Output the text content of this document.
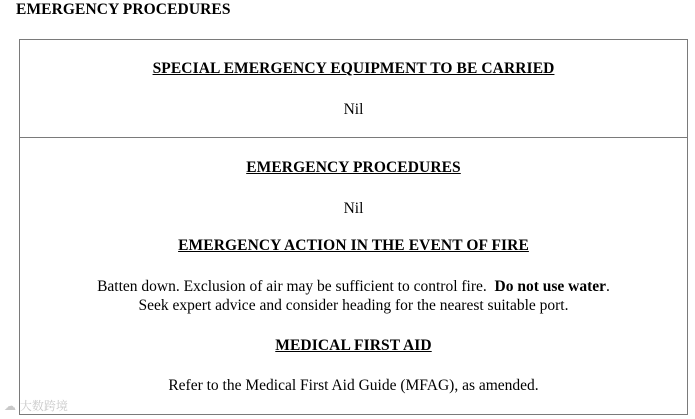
EMERGENCY PROCEDURES

SPECIAL EMERGENCY EQUIPMENT TO BE CARRIED

Nil

EMERGENCY PROCEDURES

Nil

EMERGENCY ACTION IN THE EVENT OF FIRE

Batten down. Exclusion of air may be sufficient to control fire. Do not use water.

Seek expert advice and consider heading for the nearest suitable port.

MEDICAL FIRST AID

Refer to the Medical First Aid Guide (MFAG), as amended.

☁ 大数跨境
